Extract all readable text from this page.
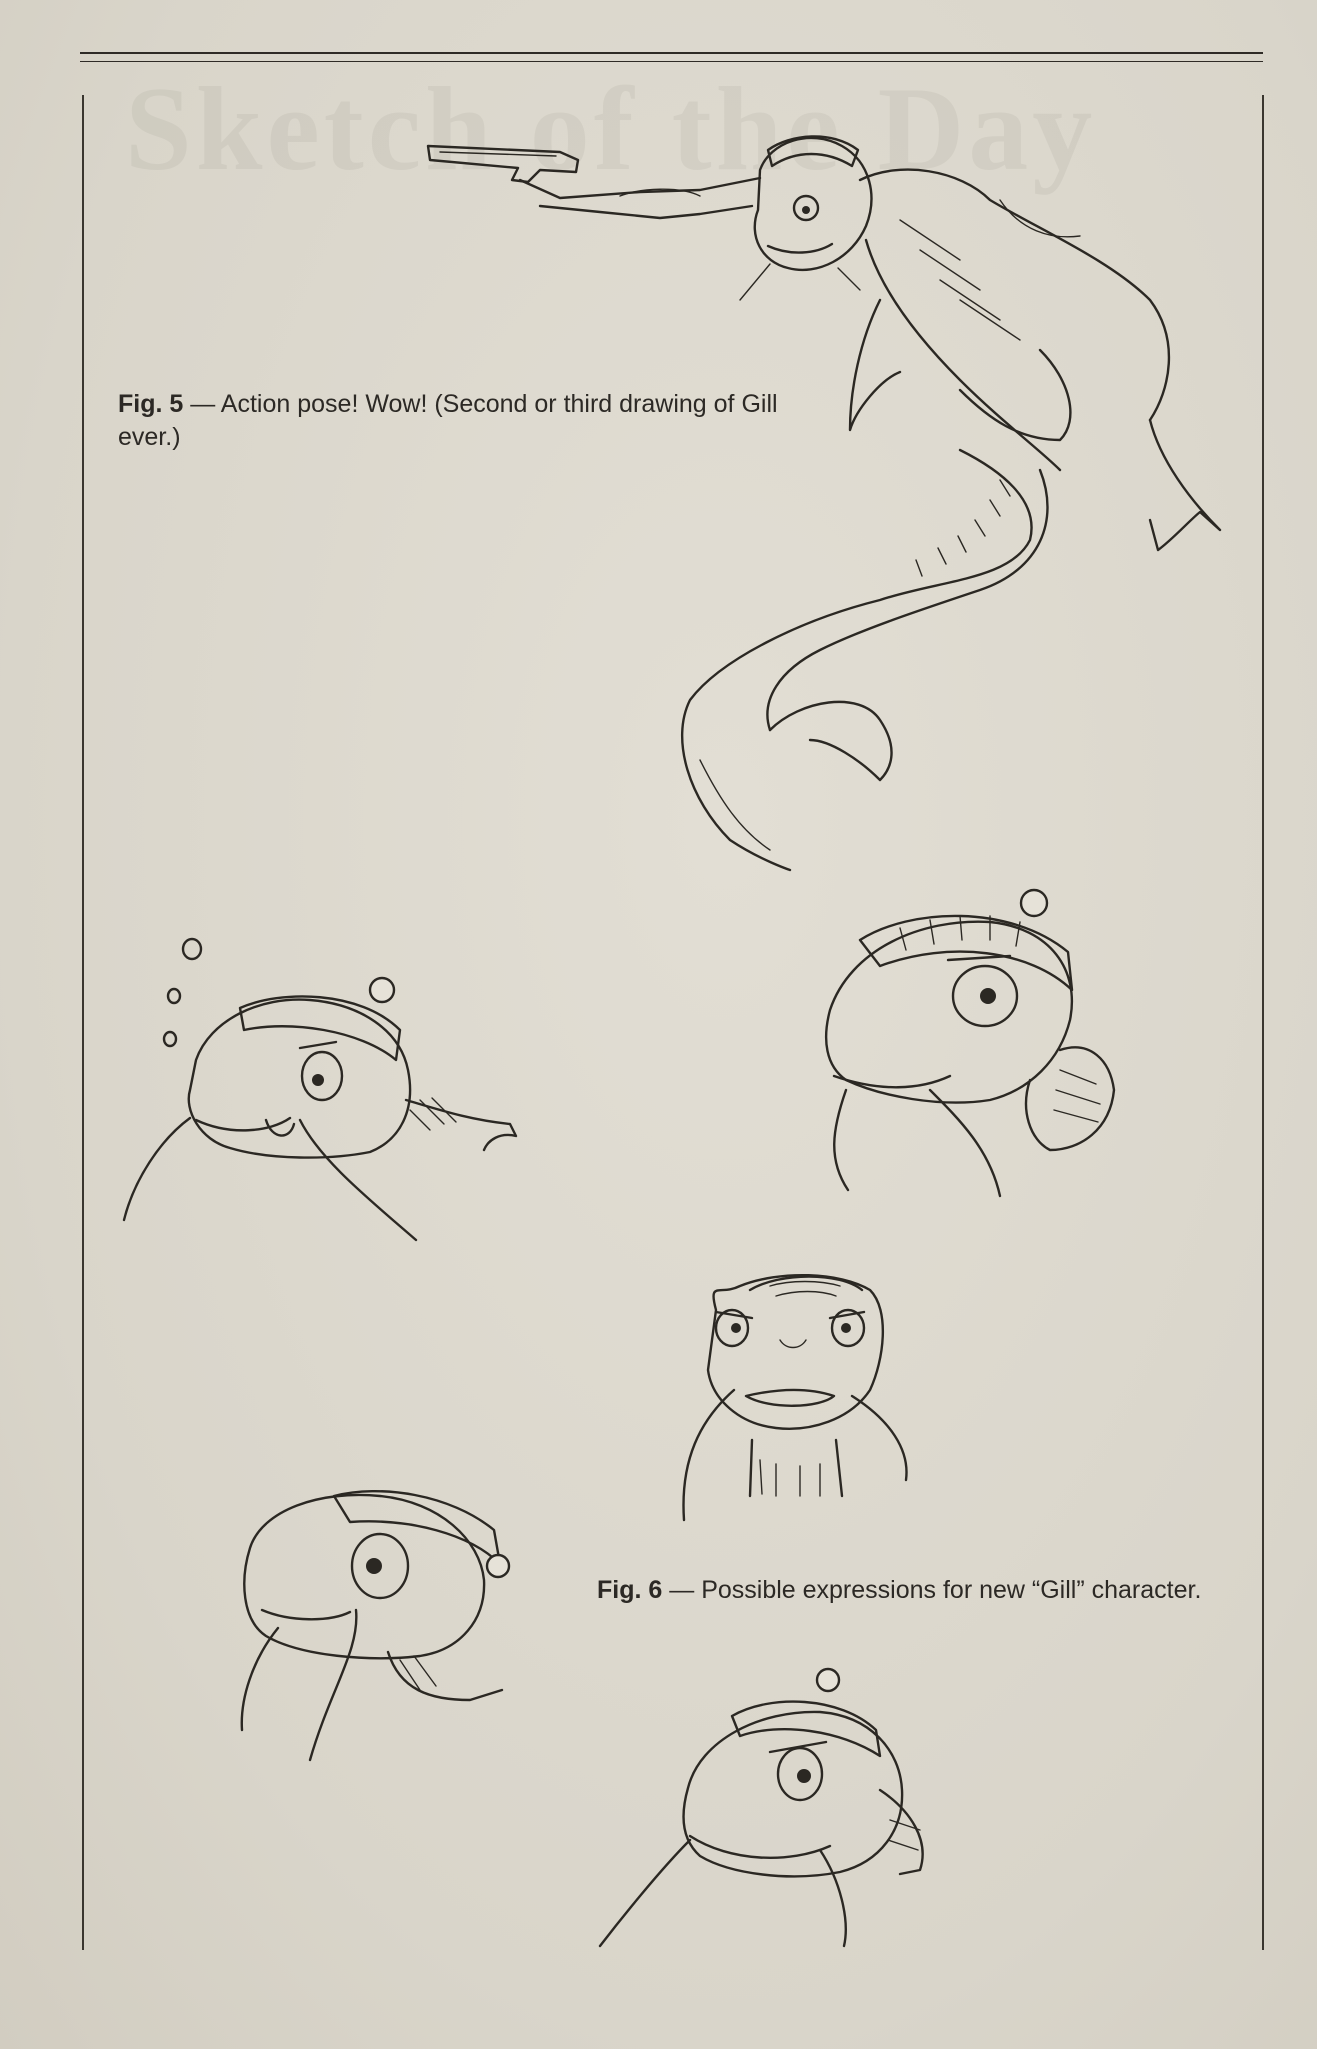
Sketch of the Day
Fig. 5 — Action pose! Wow! (Second or third drawing of Gill ever.)
Fig. 6 — Possible expressions for new “Gill” character.
